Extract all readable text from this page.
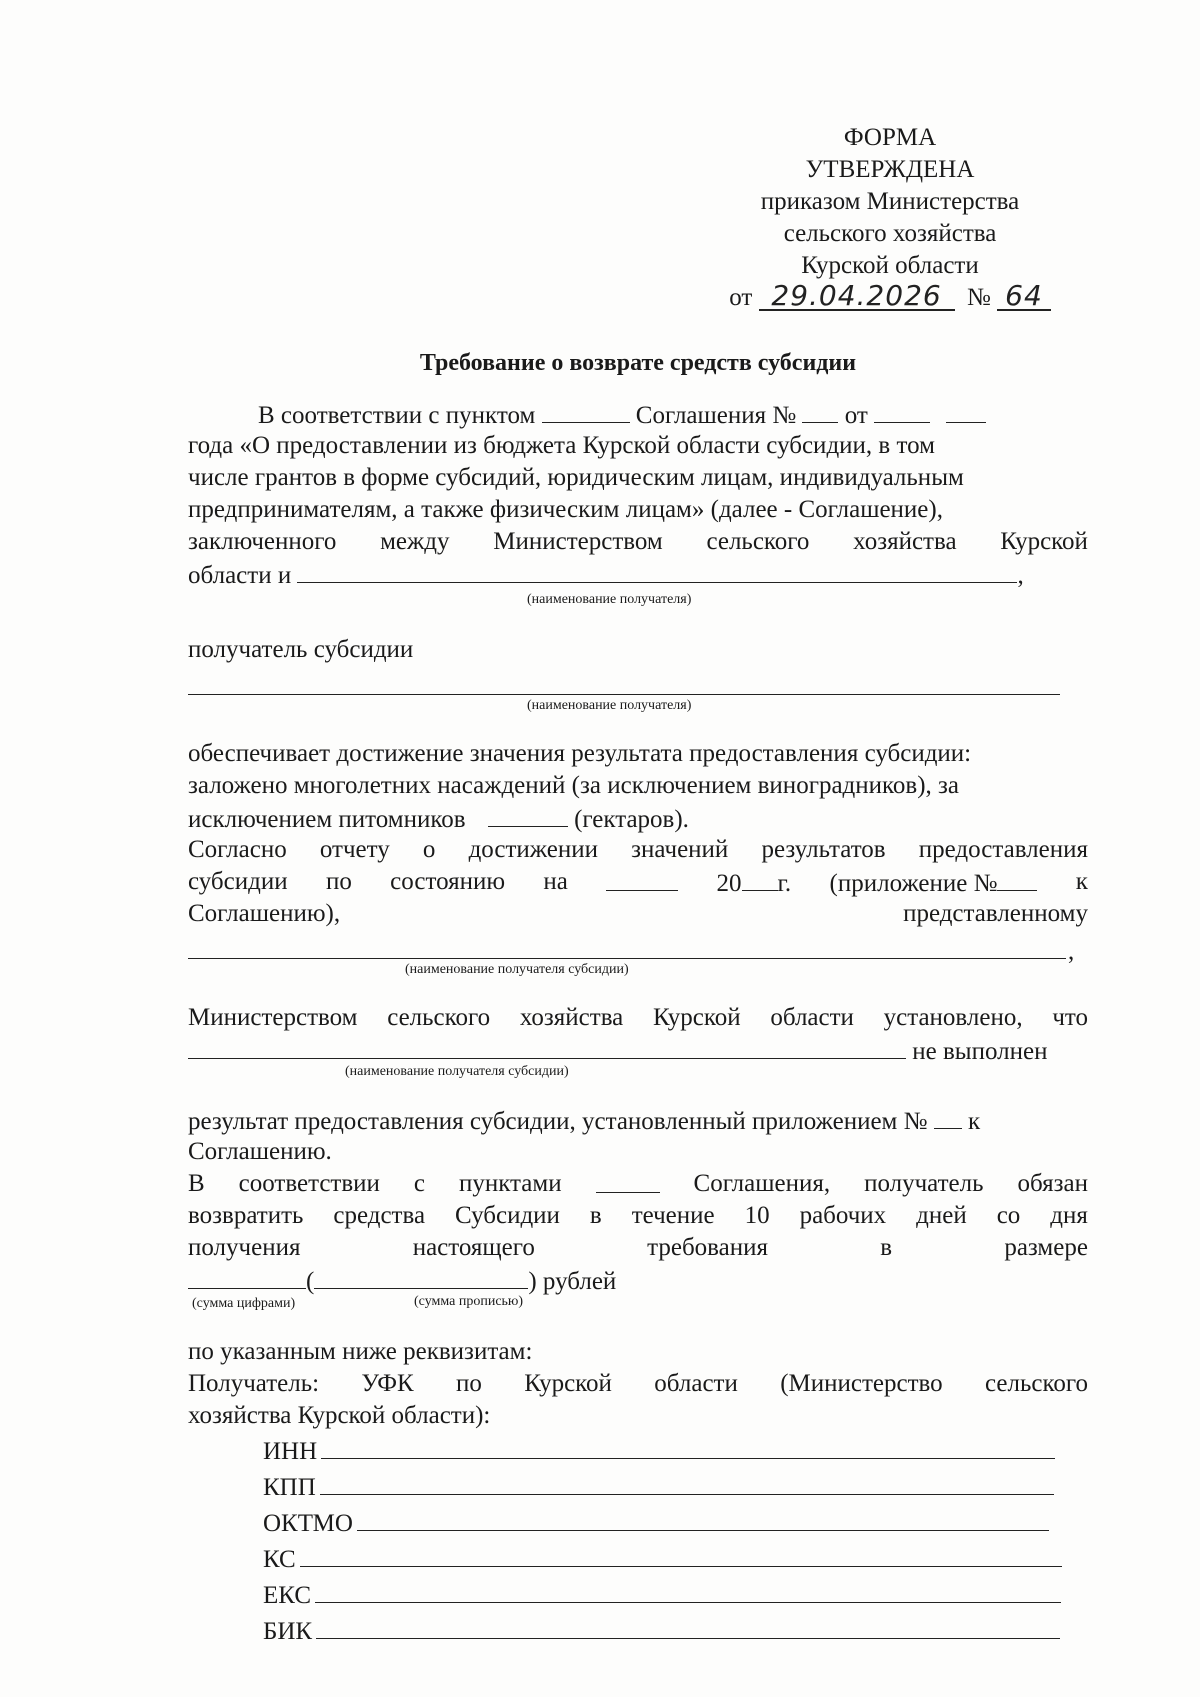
ФОРМА
УТВЕРЖДЕНА
приказом Министерства
сельского хозяйства
Курской области
от 29.04.2026 № 64
Требование о возврате средств субсидии
В соответствии с пунктом	Соглашения № от
года «О предоставлении из бюджета Курской области субсидии, в том
числе грантов в форме субсидий, юридическим лицам, индивидуальным
предпринимателям, а также физическим лицам» (далее - Соглашение),
заключенного между Министерством сельского хозяйства Курской
области и	,
(наименование получателя)
получатель субсидии
(наименование получателя)
обеспечивает достижение значения результата предоставления субсидии:
заложено многолетних насаждений (за исключением виноградников), за
исключением питомников	(гектаров).
Согласно отчету о достижении значений результатов предоставления
субсидии по состоянию на	20 г. (приложение №	к
Соглашению),	представленному
,
(наименование получателя субсидии)
Министерством сельского хозяйства Курской области установлено, что
не выполнен
(наименование получателя субсидии)
результат предоставления субсидии, установленный приложением № к
Соглашению.
В соответствии с пунктами	Соглашения, получатель обязан
возвратить средства Субсидии в течение 10 рабочих дней со дня
получения	настоящего	требования	в	размере
(	) рублей
(сумма цифрами)	(сумма прописью)
по указанным ниже реквизитам:
Получатель: УФК по Курской области (Министерство сельского
хозяйства Курской области):
ИНН
КПП
ОКТМО
КС
ЕКС
БИК
